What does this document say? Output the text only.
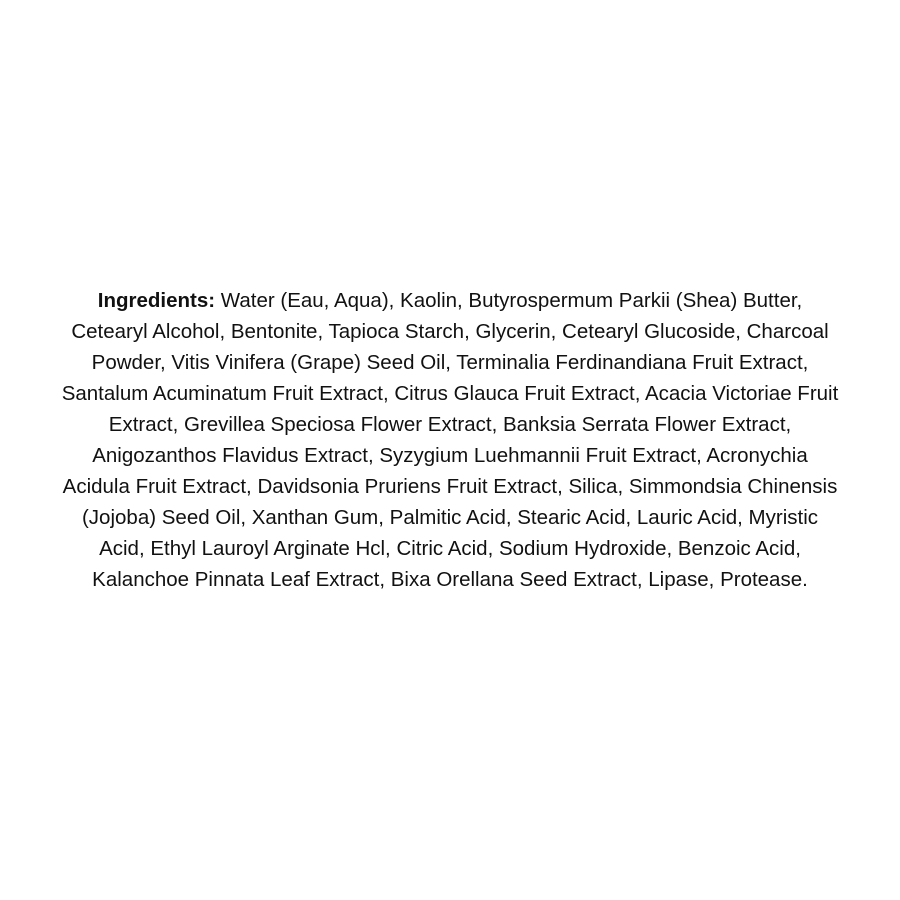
Ingredients: Water (Eau, Aqua), Kaolin, Butyrospermum Parkii (Shea) Butter, Cetearyl Alcohol, Bentonite, Tapioca Starch, Glycerin, Cetearyl Glucoside, Charcoal Powder, Vitis Vinifera (Grape) Seed Oil, Terminalia Ferdinandiana Fruit Extract, Santalum Acuminatum Fruit Extract, Citrus Glauca Fruit Extract, Acacia Victoriae Fruit Extract, Grevillea Speciosa Flower Extract, Banksia Serrata Flower Extract, Anigozanthos Flavidus Extract, Syzygium Luehmannii Fruit Extract, Acronychia Acidula Fruit Extract, Davidsonia Pruriens Fruit Extract, Silica, Simmondsia Chinensis (Jojoba) Seed Oil, Xanthan Gum, Palmitic Acid, Stearic Acid, Lauric Acid, Myristic Acid, Ethyl Lauroyl Arginate Hcl, Citric Acid, Sodium Hydroxide, Benzoic Acid, Kalanchoe Pinnata Leaf Extract, Bixa Orellana Seed Extract, Lipase, Protease.
